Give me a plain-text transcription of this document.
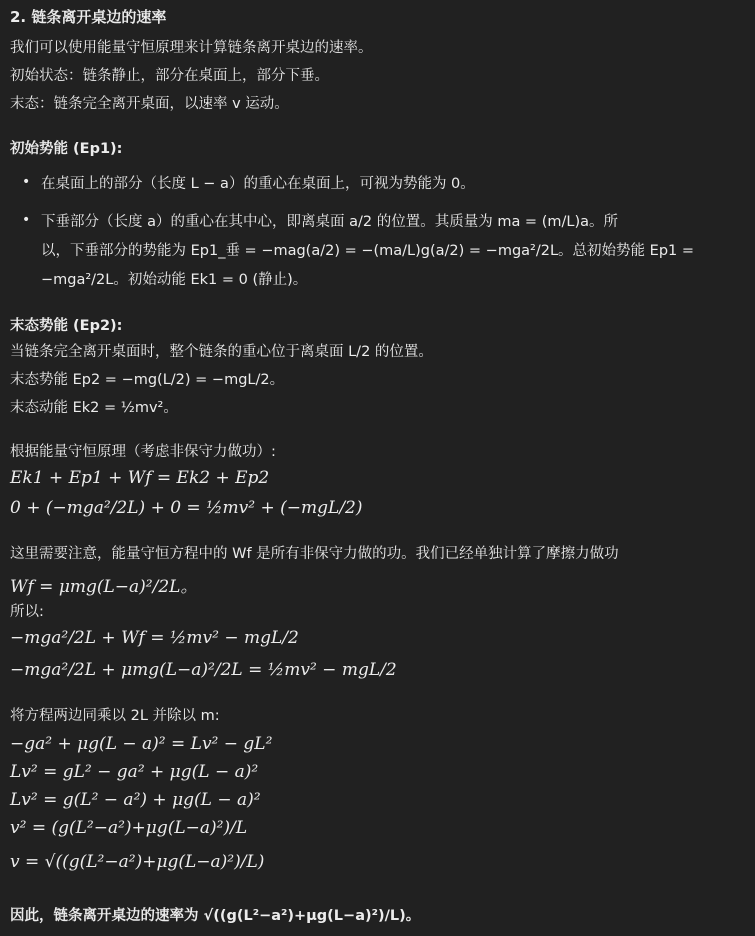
2. 链条离开桌边的速率
我们可以使用能量守恒原理来计算链条离开桌边的速率。
初始状态：链条静止，部分在桌面上，部分下垂。
末态：链条完全离开桌面，以速率 v 运动。
初始势能 (Ep1):
• 在桌面上的部分（长度 L − a）的重心在桌面上，可视为势能为 0。
• 下垂部分（长度 a）的重心在其中心，即离桌面 a/2 的位置。其质量为 ma = (m/L)a。所
以，下垂部分的势能为 Ep1_垂 = −mag(a/2) = −(ma/L)g(a/2) = −mga²/2L。总初始势能 Ep1 =
−mga²/2L。初始动能 Ek1 = 0 (静止)。
末态势能 (Ep2):
当链条完全离开桌面时，整个链条的重心位于离桌面 L/2 的位置。
末态势能 Ep2 = −mg(L/2) = −mgL/2。
末态动能 Ek2 = ½mv²。
根据能量守恒原理（考虑非保守力做功）:
Ek1 + Ep1 + Wf = Ek2 + Ep2
0 + (−mga²/2L) + 0 = ½mv² + (−mgL/2)
这里需要注意，能量守恒方程中的 Wf 是所有非保守力做的功。我们已经单独计算了摩擦力做功
Wf = μmg(L−a)²/2L。
所以:
−mga²/2L + Wf = ½mv² − mgL/2
−mga²/2L + μmg(L−a)²/2L = ½mv² − mgL/2
将方程两边同乘以 2L 并除以 m:
−ga² + μg(L − a)² = Lv² − gL²
Lv² = gL² − ga² + μg(L − a)²
Lv² = g(L² − a²) + μg(L − a)²
v² = (g(L²−a²)+μg(L−a)²)/L
v = √((g(L²−a²)+μg(L−a)²)/L)
因此，链条离开桌边的速率为 √((g(L²−a²)+μg(L−a)²)/L)。
